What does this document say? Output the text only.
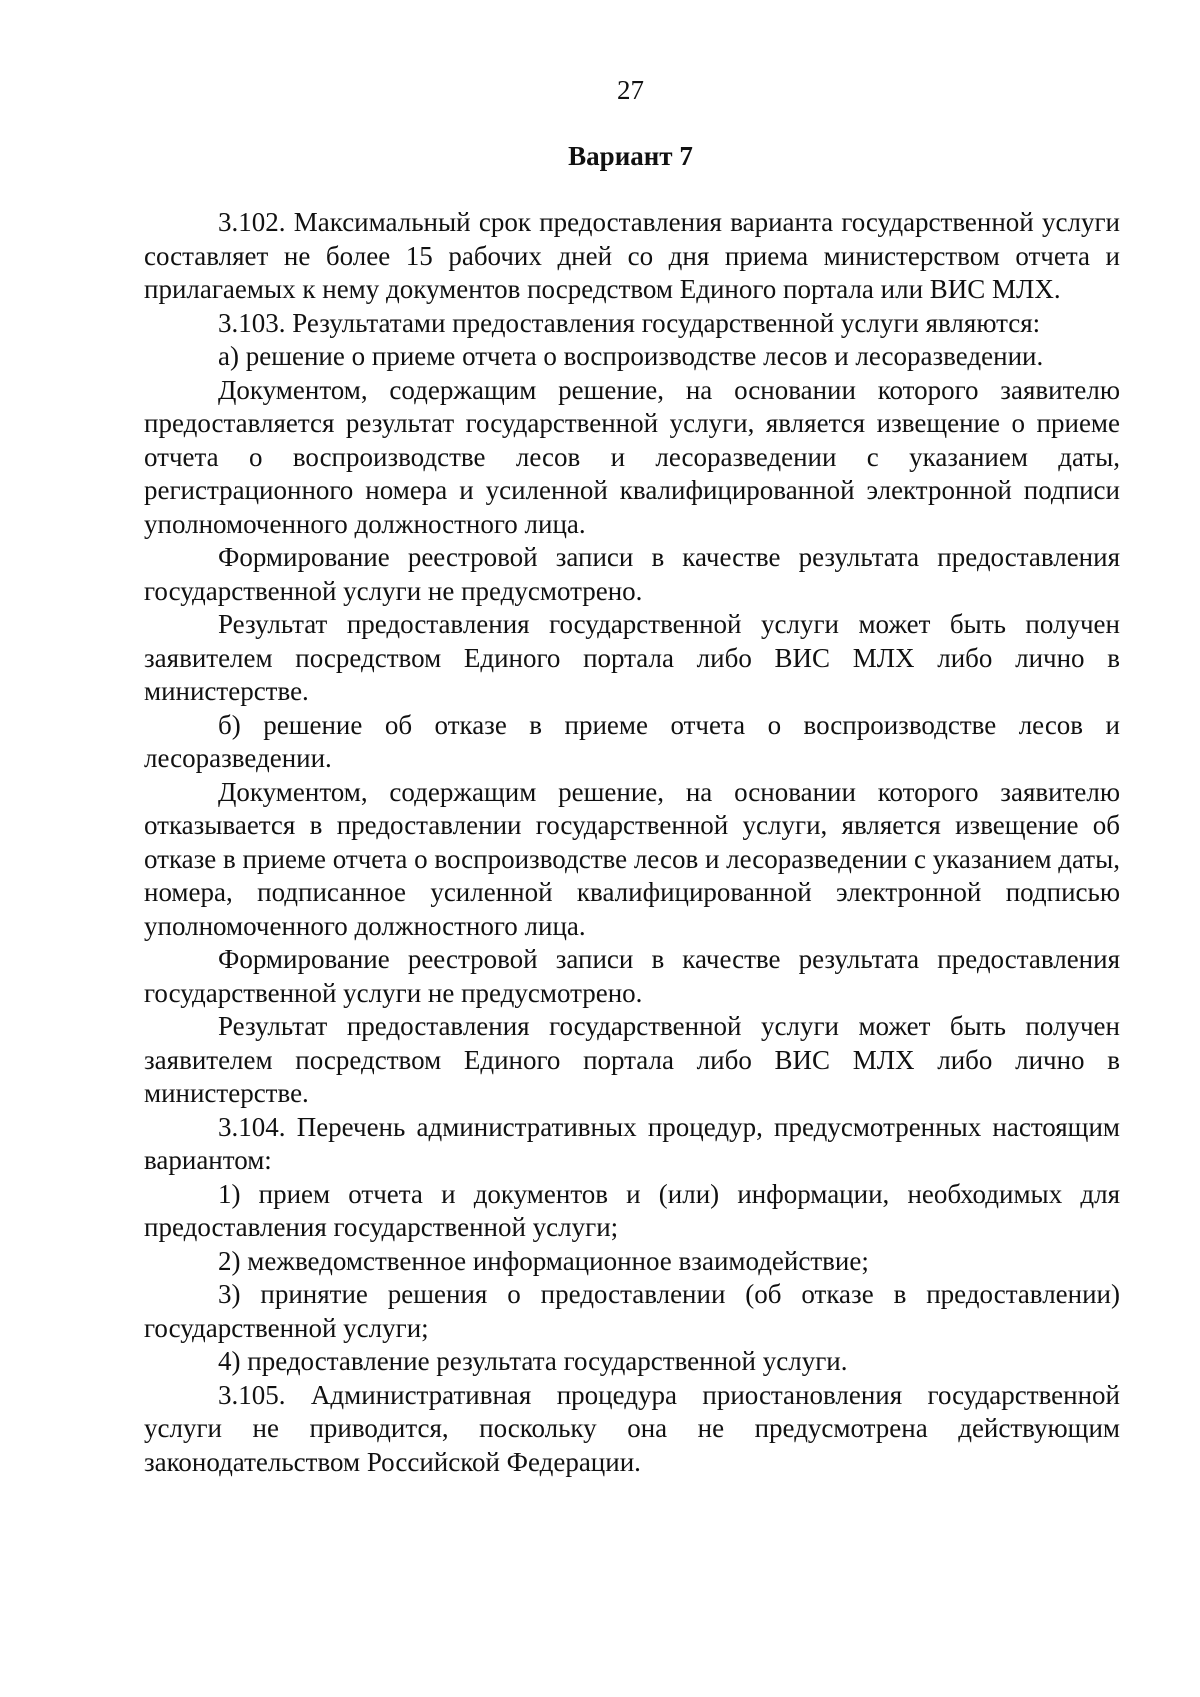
27
Вариант 7

3.102. Максимальный срок предоставления варианта государственной услуги составляет не более 15 рабочих дней со дня приема министерством отчета и прилагаемых к нему документов посредством Единого портала или ВИС МЛХ.

3.103. Результатами предоставления государственной услуги являются:

а) решение о приеме отчета о воспроизводстве лесов и лесоразведении.

Документом, содержащим решение, на основании которого заявителю предоставляется результат государственной услуги, является извещение о приеме отчета о воспроизводстве лесов и лесоразведении с указанием даты, регистрационного номера и усиленной квалифицированной электронной подписи уполномоченного должностного лица.

Формирование реестровой записи в качестве результата предоставления государственной услуги не предусмотрено.

Результат предоставления государственной услуги может быть получен заявителем посредством Единого портала либо ВИС МЛХ либо лично в министерстве.

б) решение об отказе в приеме отчета о воспроизводстве лесов и лесоразведении.

Документом, содержащим решение, на основании которого заявителю отказывается в предоставлении государственной услуги, является извещение об отказе в приеме отчета о воспроизводстве лесов и лесоразведении с указанием даты, номера, подписанное усиленной квалифицированной электронной подписью уполномоченного должностного лица.

Формирование реестровой записи в качестве результата предоставления государственной услуги не предусмотрено.

Результат предоставления государственной услуги может быть получен заявителем посредством Единого портала либо ВИС МЛХ либо лично в министерстве.

3.104. Перечень административных процедур, предусмотренных настоящим вариантом:

1) прием отчета и документов и (или) информации, необходимых для предоставления государственной услуги;

2) межведомственное информационное взаимодействие;

3) принятие решения о предоставлении (об отказе в предоставлении) государственной услуги;

4) предоставление результата государственной услуги.

3.105. Административная процедура приостановления государственной услуги не приводится, поскольку она не предусмотрена действующим законодательством Российской Федерации.
